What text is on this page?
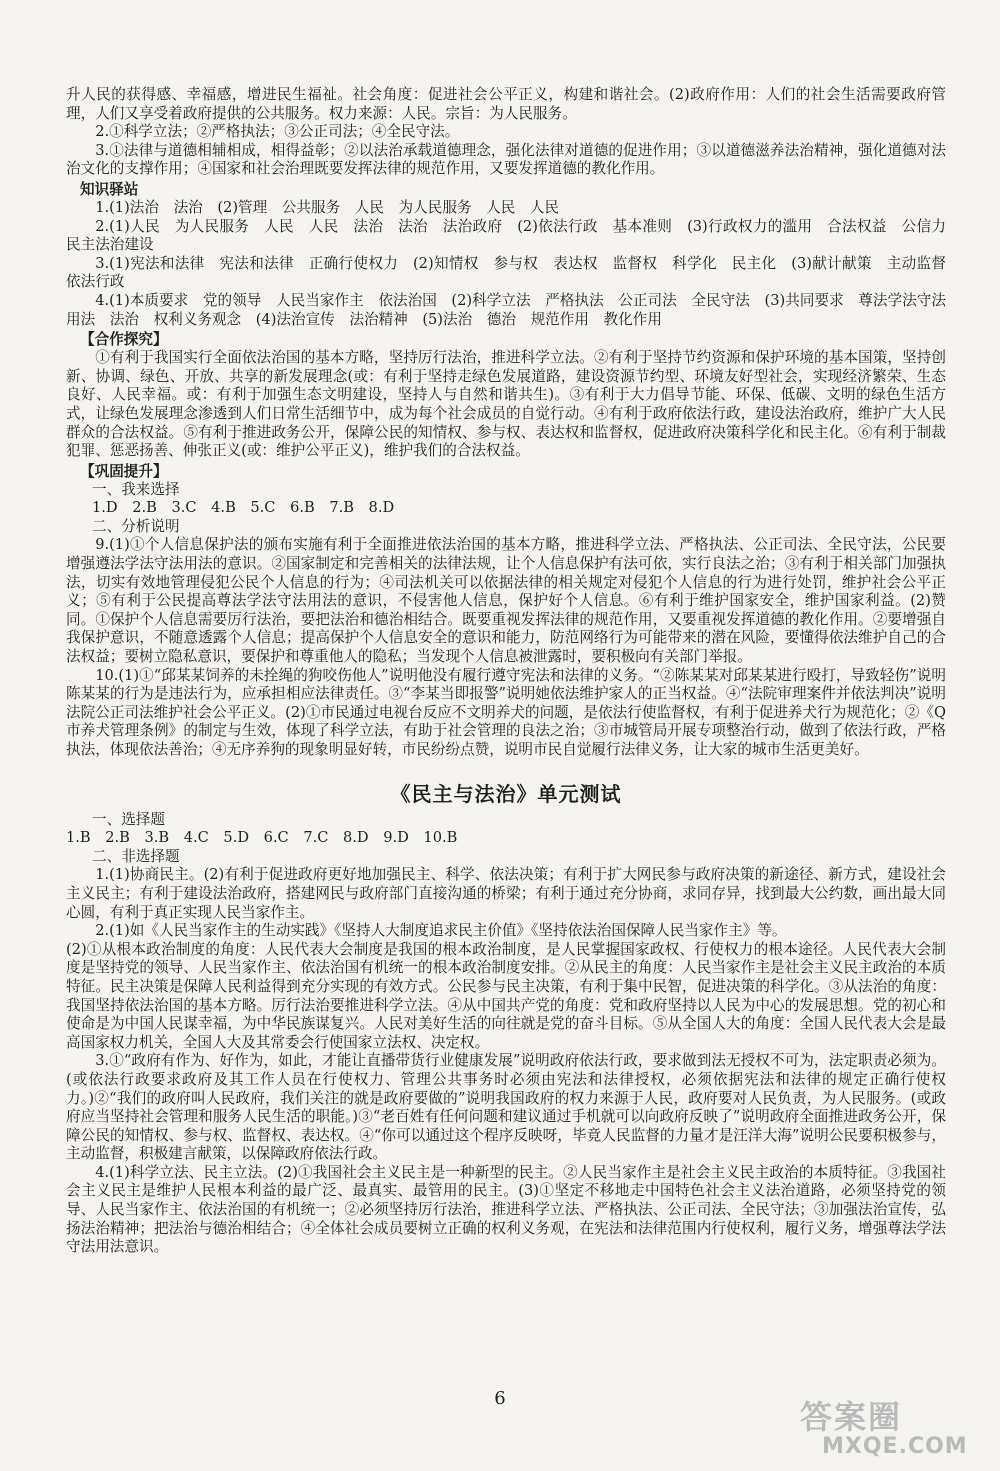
升人民的获得感、幸福感，增进民生福祉。社会角度：促进社会公平正义，构建和谐社会。(2)政府作用：人们的社会生活需要政府管理，人们又享受着政府提供的公共服务。权力来源：人民。宗旨：为人民服务。

2.①科学立法；②严格执法；③公正司法；④全民守法。

3.①法律与道德相辅相成，相得益彰；②以法治承载道德理念，强化法律对道德的促进作用；③以道德滋养法治精神，强化道德对法治文化的支撑作用；④国家和社会治理既要发挥法律的规范作用，又要发挥道德的教化作用。

知识驿站

1.(1)法治　法治　(2)管理　公共服务　人民　为人民服务　人民　人民

2.(1)人民　为人民服务　人民　人民　法治　法治　法治政府　(2)依法行政　基本准则　(3)行政权力的滥用　合法权益　公信力　民主法治建设

3.(1)宪法和法律　宪法和法律　正确行使权力　(2)知情权　参与权　表达权　监督权　科学化　民主化　(3)献计献策　主动监督　依法行政

4.(1)本质要求　党的领导　人民当家作主　依法治国　(2)科学立法　严格执法　公正司法　全民守法　(3)共同要求　尊法学法守法用法　法治　权利义务观念　(4)法治宣传　法治精神　(5)法治　德治　规范作用　教化作用

【合作探究】

①有利于我国实行全面依法治国的基本方略，坚持厉行法治，推进科学立法。②有利于坚持节约资源和保护环境的基本国策，坚持创新、协调、绿色、开放、共享的新发展理念(或：有利于坚持走绿色发展道路，建设资源节约型、环境友好型社会，实现经济繁荣、生态良好、人民幸福。或：有利于加强生态文明建设，坚持人与自然和谐共生)。③有利于大力倡导节能、环保、低碳、文明的绿色生活方式，让绿色发展理念渗透到人们日常生活细节中，成为每个社会成员的自觉行动。④有利于政府依法行政，建设法治政府，维护广大人民群众的合法权益。⑤有利于推进政务公开，保障公民的知情权、参与权、表达权和监督权，促进政府决策科学化和民主化。⑥有利于制裁犯罪、惩恶扬善、伸张正义(或：维护公平正义)，维护我们的合法权益。

【巩固提升】

一、我来选择

1.D　2.B　3.C　4.B　5.C　6.B　7.B　8.D

二、分析说明

9.(1)①个人信息保护法的颁布实施有利于全面推进依法治国的基本方略，推进科学立法、严格执法、公正司法、全民守法，公民要增强遵法学法守法用法的意识。②国家制定和完善相关的法律法规，让个人信息保护有法可依，实行良法之治；③有利于相关部门加强执法，切实有效地管理侵犯公民个人信息的行为；④司法机关可以依据法律的相关规定对侵犯个人信息的行为进行处罚，维护社会公平正义；⑤有利于公民提高尊法学法守法用法的意识，不侵害他人信息，保护好个人信息。⑥有利于维护国家安全，维护国家利益。(2)赞同。①保护个人信息需要厉行法治，要把法治和德治相结合。既要重视发挥法律的规范作用，又要重视发挥道德的教化作用。②要增强自我保护意识，不随意透露个人信息；提高保护个人信息安全的意识和能力，防范网络行为可能带来的潜在风险，要懂得依法维护自己的合法权益；要树立隐私意识，要保护和尊重他人的隐私；当发现个人信息被泄露时，要积极向有关部门举报。

10.(1)①“邱某某饲养的未拴绳的狗咬伤他人”说明他没有履行遵守宪法和法律的义务。“②陈某某对邱某某进行殴打，导致轻伤”说明陈某某的行为是违法行为，应承担相应法律责任。③“李某当即报警”说明她依法维护家人的正当权益。④“法院审理案件并依法判决”说明法院公正司法维护社会公平正义。(2)①市民通过电视台反应不文明养犬的问题，是依法行使监督权，有利于促进养犬行为规范化；②《Q市养犬管理条例》的制定与生效，体现了科学立法，有助于社会管理的良法之治；③市城管局开展专项整治行动，做到了依法行政，严格执法，体现依法善治；④无序养狗的现象明显好转，市民纷纷点赞，说明市民自觉履行法律义务，让大家的城市生活更美好。

《民主与法治》单元测试

一、选择题

1.B　2.B　3.B　4.C　5.D　6.C　7.C　8.D　9.D　10.B

二、非选择题

1.(1)协商民主。(2)有利于促进政府更好地加强民主、科学、依法决策；有利于扩大网民参与政府决策的新途径、新方式，建设社会主义民主；有利于建设法治政府，搭建网民与政府部门直接沟通的桥梁；有利于通过充分协商，求同存异，找到最大公约数，画出最大同心圆，有利于真正实现人民当家作主。

2.(1)如《人民当家作主的生动实践》《坚持人大制度追求民主价值》《坚持依法治国保障人民当家作主》等。

(2)①从根本政治制度的角度：人民代表大会制度是我国的根本政治制度，是人民掌握国家政权、行使权力的根本途径。人民代表大会制度是坚持党的领导、人民当家作主、依法治国有机统一的根本政治制度安排。②从民主的角度：人民当家作主是社会主义民主政治的本质特征。民主决策是保障人民利益得到充分实现的有效方式。公民参与民主决策，有利于集中民智，促进决策的科学化。③从法治的角度：我国坚持依法治国的基本方略。厉行法治要推进科学立法。④从中国共产党的角度：党和政府坚持以人民为中心的发展思想。党的初心和使命是为中国人民谋幸福，为中华民族谋复兴。人民对美好生活的向往就是党的奋斗目标。⑤从全国人大的角度：全国人民代表大会是最高国家权力机关，全国人大及其常委会行使国家立法权、决定权。

3.①“政府有作为、好作为，如此，才能让直播带货行业健康发展”说明政府依法行政，要求做到法无授权不可为，法定职责必须为。(或依法行政要求政府及其工作人员在行使权力、管理公共事务时必须由宪法和法律授权，必须依据宪法和法律的规定正确行使权力。)②“我们的政府叫人民政府，我们关注的就是政府要做的”说明我国政府的权力来源于人民，政府要对人民负责，为人民服务。(或政府应当坚持社会管理和服务人民生活的职能。)③“老百姓有任何问题和建议通过手机就可以向政府反映了”说明政府全面推进政务公开，保障公民的知情权、参与权、监督权、表达权。④“你可以通过这个程序反映呀，毕竟人民监督的力量才是汪洋大海”说明公民要积极参与，主动监督，积极建言献策，以保障政府依法行政。

4.(1)科学立法、民主立法。(2)①我国社会主义民主是一种新型的民主。②人民当家作主是社会主义民主政治的本质特征。③我国社会主义民主是维护人民根本利益的最广泛、最真实、最管用的民主。(3)①坚定不移地走中国特色社会主义法治道路，必须坚持党的领导、人民当家作主、依法治国的有机统一；②必须坚持厉行法治，推进科学立法、严格执法、公正司法、全民守法；③加强法治宣传，弘扬法治精神；把法治与德治相结合；④全体社会成员要树立正确的权利义务观，在宪法和法律范围内行使权利，履行义务，增强尊法学法守法用法意识。

6	答案圈
MXQE.COM
